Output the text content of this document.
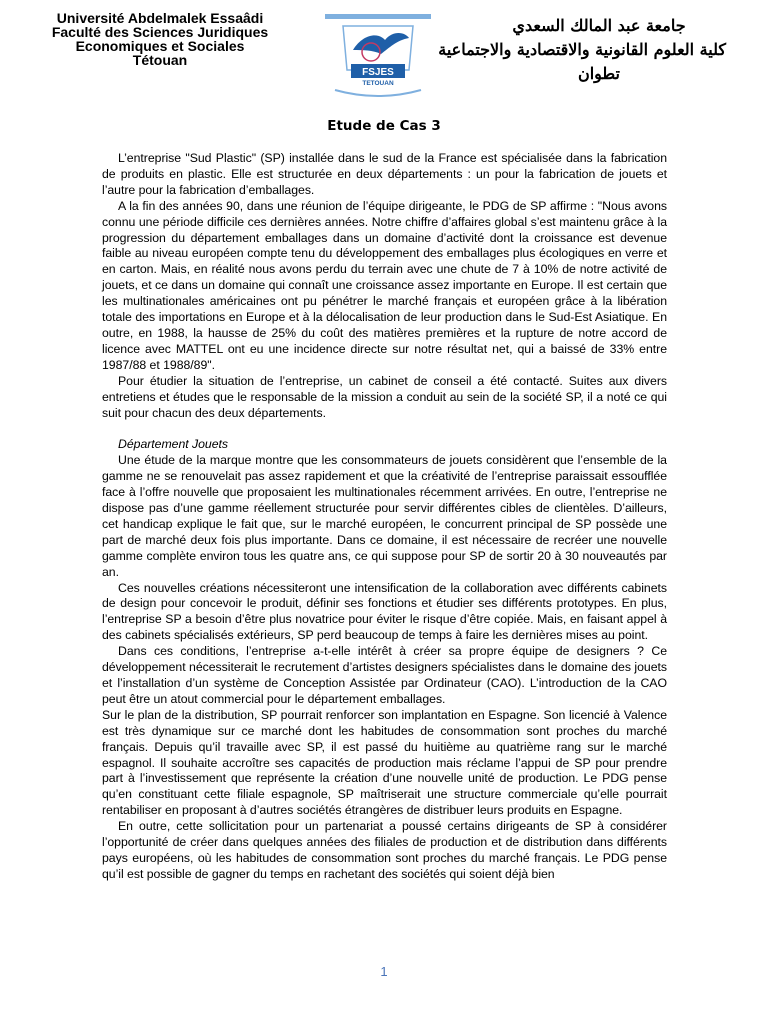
Université Abdelmalek Essaâdi
Faculté des Sciences Juridiques
Economiques et Sociales
Tétouan
FSJES
TETOUAN
جامعة عبد المالك السعدي
كلية العلوم القانونية والاقتصادية والاجتماعية
تطوان
Etude de Cas 3

L’entreprise "Sud Plastic" (SP) installée dans le sud de la France est spécialisée dans la fabrication de produits en plastic. Elle est structurée en deux départements : un pour la fabrication de jouets et l’autre pour la fabrication d’emballages.

A la fin des années 90, dans une réunion de l’équipe dirigeante, le PDG de SP affirme : "Nous avons connu une période difficile ces dernières années. Notre chiffre d’affaires global s’est maintenu grâce à la progression du département emballages dans un domaine d’activité dont la croissance est devenue faible au niveau européen compte tenu du développement des emballages plus écologiques en verre et en carton. Mais, en réalité nous avons perdu du terrain avec une chute de 7 à 10% de notre activité de jouets, et ce dans un domaine qui connaît une croissance assez importante en Europe. Il est certain que les multinationales américaines ont pu pénétrer le marché français et européen grâce à la libération totale des importations en Europe et à la délocalisation de leur production dans le Sud-Est Asiatique. En outre, en 1988, la hausse de 25% du coût des matières premières et la rupture de notre accord de licence avec MATTEL ont eu une incidence directe sur notre résultat net, qui a baissé de 33% entre 1987/88 et 1988/89".

Pour étudier la situation de l’entreprise, un cabinet de conseil a été contacté. Suites aux divers entretiens et études que le responsable de la mission a conduit au sein de la société SP, il a noté ce qui suit pour chacun des deux départements.

Département Jouets

Une étude de la marque montre que les consommateurs de jouets considèrent que l’ensemble de la gamme ne se renouvelait pas assez rapidement et que la créativité de l’entreprise paraissait essoufflée face à l’offre nouvelle que proposaient les multinationales récemment arrivées. En outre, l’entreprise ne dispose pas d’une gamme réellement structurée pour servir différentes cibles de clientèles. D’ailleurs, cet handicap explique le fait que, sur le marché européen, le concurrent principal de SP possède une part de marché deux fois plus importante. Dans ce domaine, il est nécessaire de recréer une nouvelle gamme complète environ tous les quatre ans, ce qui suppose pour SP de sortir 20 à 30 nouveautés par an.

Ces nouvelles créations nécessiteront une intensification de la collaboration avec différents cabinets de design pour concevoir le produit, définir ses fonctions et étudier ses différents prototypes. En plus, l’entreprise SP a besoin d’être plus novatrice pour éviter le risque d’être copiée. Mais, en faisant appel à des cabinets spécialisés extérieurs, SP perd beaucoup de temps à faire les dernières mises au point.

Dans ces conditions, l’entreprise a-t-elle intérêt à créer sa propre équipe de designers ? Ce développement nécessiterait le recrutement d’artistes designers spécialistes dans le domaine des jouets et l’installation d’un système de Conception Assistée par Ordinateur (CAO). L’introduction de la CAO peut être un atout commercial pour le département emballages.

Sur le plan de la distribution, SP pourrait renforcer son implantation en Espagne. Son licencié à Valence est très dynamique sur ce marché dont les habitudes de consommation sont proches du marché français. Depuis qu’il travaille avec SP, il est passé du huitième au quatrième rang sur le marché espagnol. Il souhaite accroître ses capacités de production mais réclame l’appui de SP pour prendre part à l’investissement que représente la création d’une nouvelle unité de production. Le PDG pense qu’en constituant cette filiale espagnole, SP maîtriserait une structure commerciale qu’elle pourrait rentabiliser en proposant à d’autres sociétés étrangères de distribuer leurs produits en Espagne.

En outre, cette sollicitation pour un partenariat a poussé certains dirigeants de SP à considérer l’opportunité de créer dans quelques années des filiales de production et de distribution dans différents pays européens, où les habitudes de consommation sont proches du marché français. Le PDG pense qu’il est possible de gagner du temps en rachetant des sociétés qui soient déjà bien

1
